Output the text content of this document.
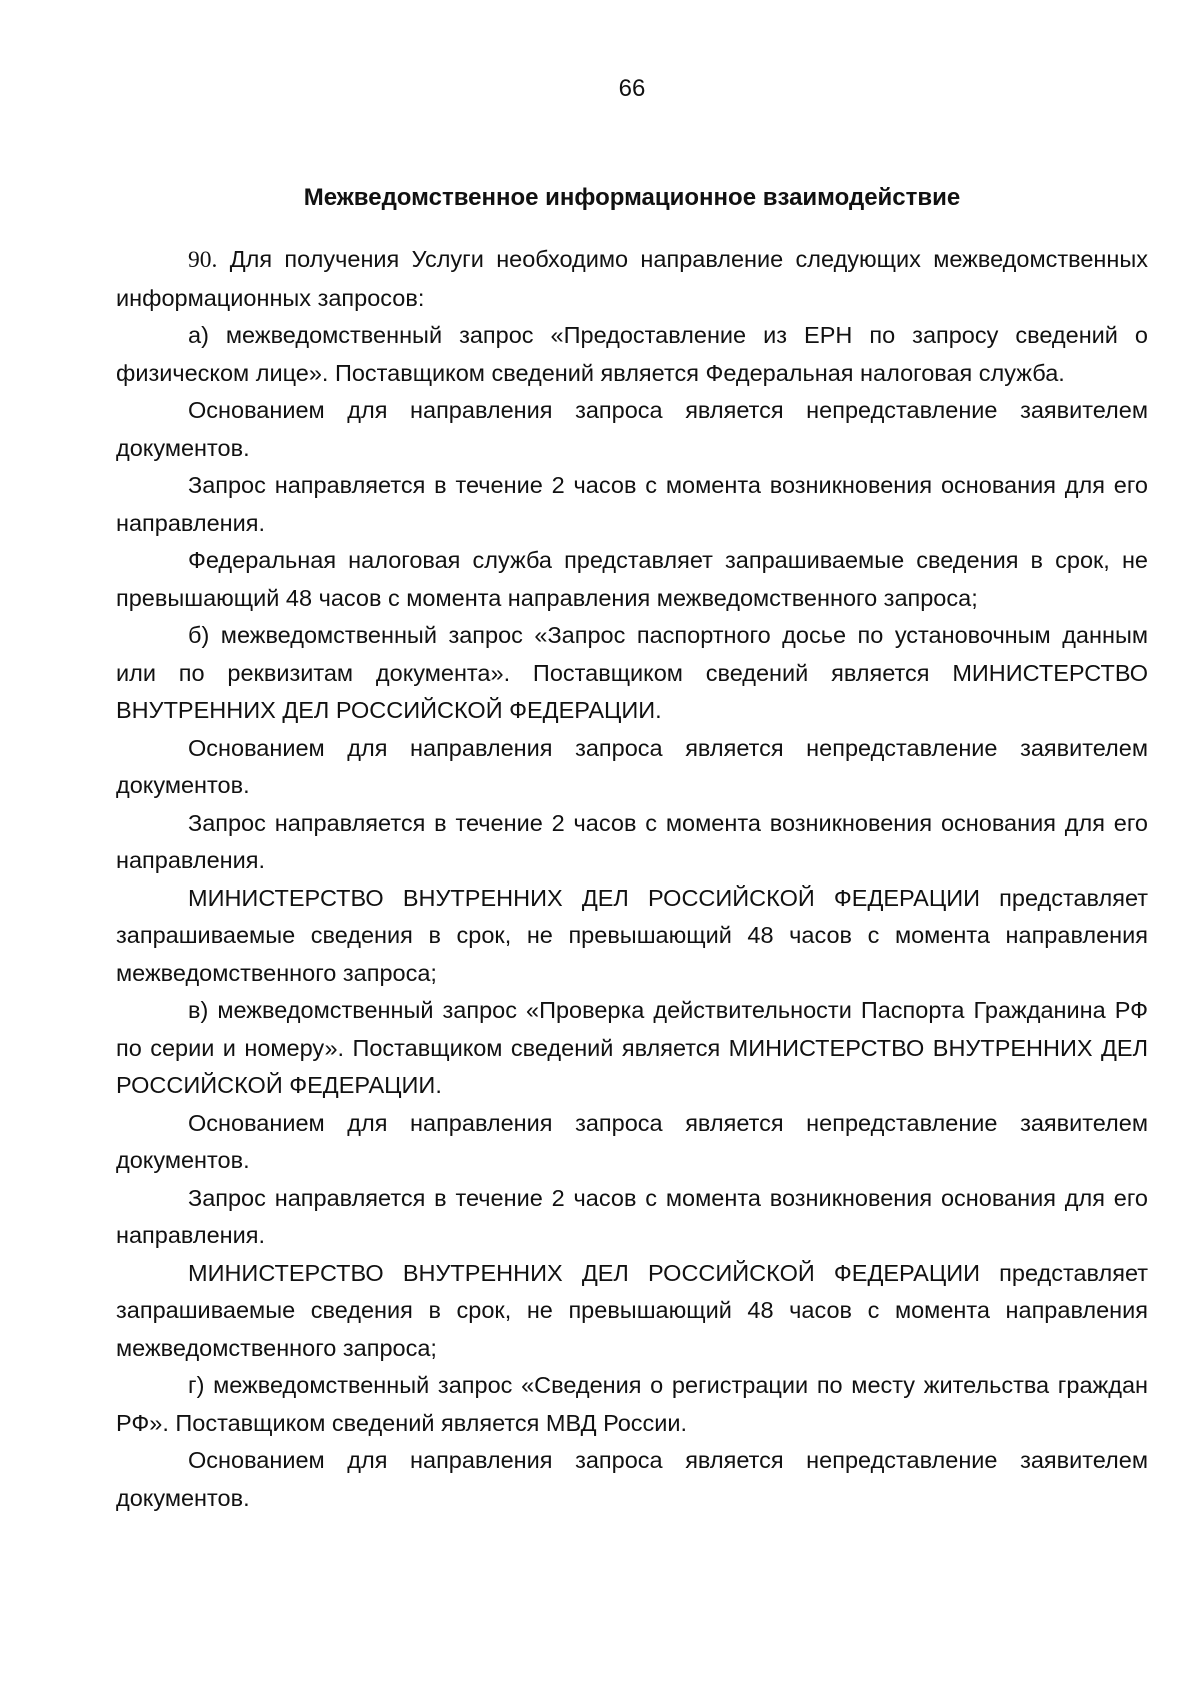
66
Межведомственное информационное взаимодействие

90. Для получения Услуги необходимо направление следующих межведомственных информационных запросов:

а) межведомственный запрос «Предоставление из ЕРН по запросу сведений о физическом лице». Поставщиком сведений является Федеральная налоговая служба.

Основанием для направления запроса является непредставление заявителем документов.

Запрос направляется в течение 2 часов с момента возникновения основания для его направления.

Федеральная налоговая служба представляет запрашиваемые сведения в срок, не превышающий 48 часов с момента направления межведомственного запроса;

б) межведомственный запрос «Запрос паспортного досье по установочным данным или по реквизитам документа». Поставщиком сведений является МИНИСТЕРСТВО ВНУТРЕННИХ ДЕЛ РОССИЙСКОЙ ФЕДЕРАЦИИ.

Основанием для направления запроса является непредставление заявителем документов.

Запрос направляется в течение 2 часов с момента возникновения основания для его направления.

МИНИСТЕРСТВО ВНУТРЕННИХ ДЕЛ РОССИЙСКОЙ ФЕДЕРАЦИИ представляет запрашиваемые сведения в срок, не превышающий 48 часов с момента направления межведомственного запроса;

в) межведомственный запрос «Проверка действительности Паспорта Гражданина РФ по серии и номеру». Поставщиком сведений является МИНИСТЕРСТВО ВНУТРЕННИХ ДЕЛ РОССИЙСКОЙ ФЕДЕРАЦИИ.

Основанием для направления запроса является непредставление заявителем документов.

Запрос направляется в течение 2 часов с момента возникновения основания для его направления.

МИНИСТЕРСТВО ВНУТРЕННИХ ДЕЛ РОССИЙСКОЙ ФЕДЕРАЦИИ представляет запрашиваемые сведения в срок, не превышающий 48 часов с момента направления межведомственного запроса;

г) межведомственный запрос «Сведения о регистрации по месту жительства граждан РФ». Поставщиком сведений является МВД России.

Основанием для направления запроса является непредставление заявителем документов.
